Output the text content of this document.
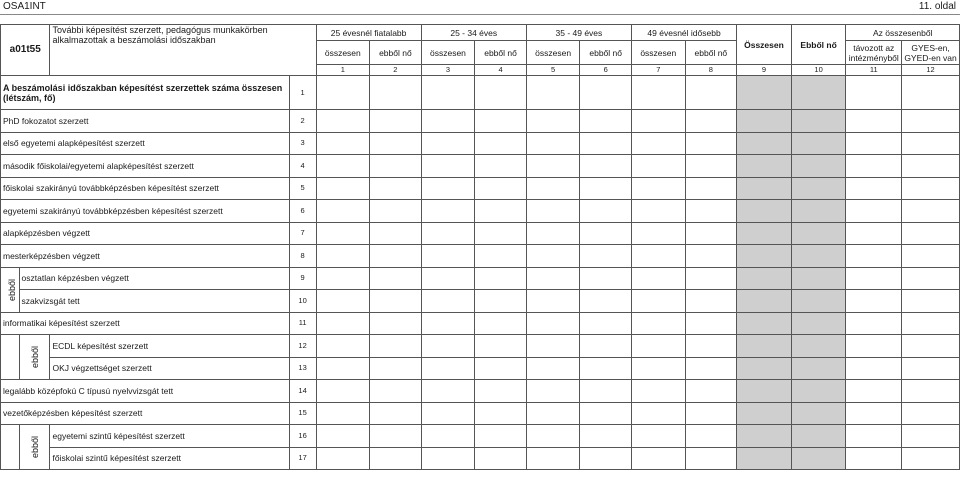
OSA1INT	11. oldal
a01t55		További képesítést szerzett, pedagógus munkakörben alkalmazottak a beszámolási időszakban		25 évesnél fiatalabb		25 - 34 éves		35 - 49 éves		49 évesnél idősebb		Összesen	Ebből nő	Az összesenből	
				összesen	ebből nő	összesen	ebből nő	összesen	ebből nő	összesen	ebből nő			távozott az intézményből	GYES-en, GYED-en van
				1	2	3	4	5	6	7	8	9	10	11	12
A beszámolási időszakban képesítést szerzettek száma összesen (létszám, fő)			1												
PhD fokozatot szerzett			2												
első egyetemi alapképesítést szerzett			3												
második főiskolai/egyetemi alapképesítést szerzett			4												
főiskolai szakirányú továbbképzésben képesítést szerzett			5												
egyetemi szakirányú továbbképzésben képesítést szerzett			6												
alapképzésben végzett			7												
mesterképzésben végzett			8												
ebből	osztatlan képzésben végzett		9												
	szakvizsgát tett		10												
informatikai képesítést szerzett			11												
	ebből	ECDL képesítést szerzett	12												
		OKJ végzettséget szerzett	13												
legalább középfokú C típusú nyelvvizsgát tett			14												
vezetőképzésben képesítést szerzett			15												
	ebből	egyetemi szintű képesítést szerzett	16												
		főiskolai szintű képesítést szerzett	17												
